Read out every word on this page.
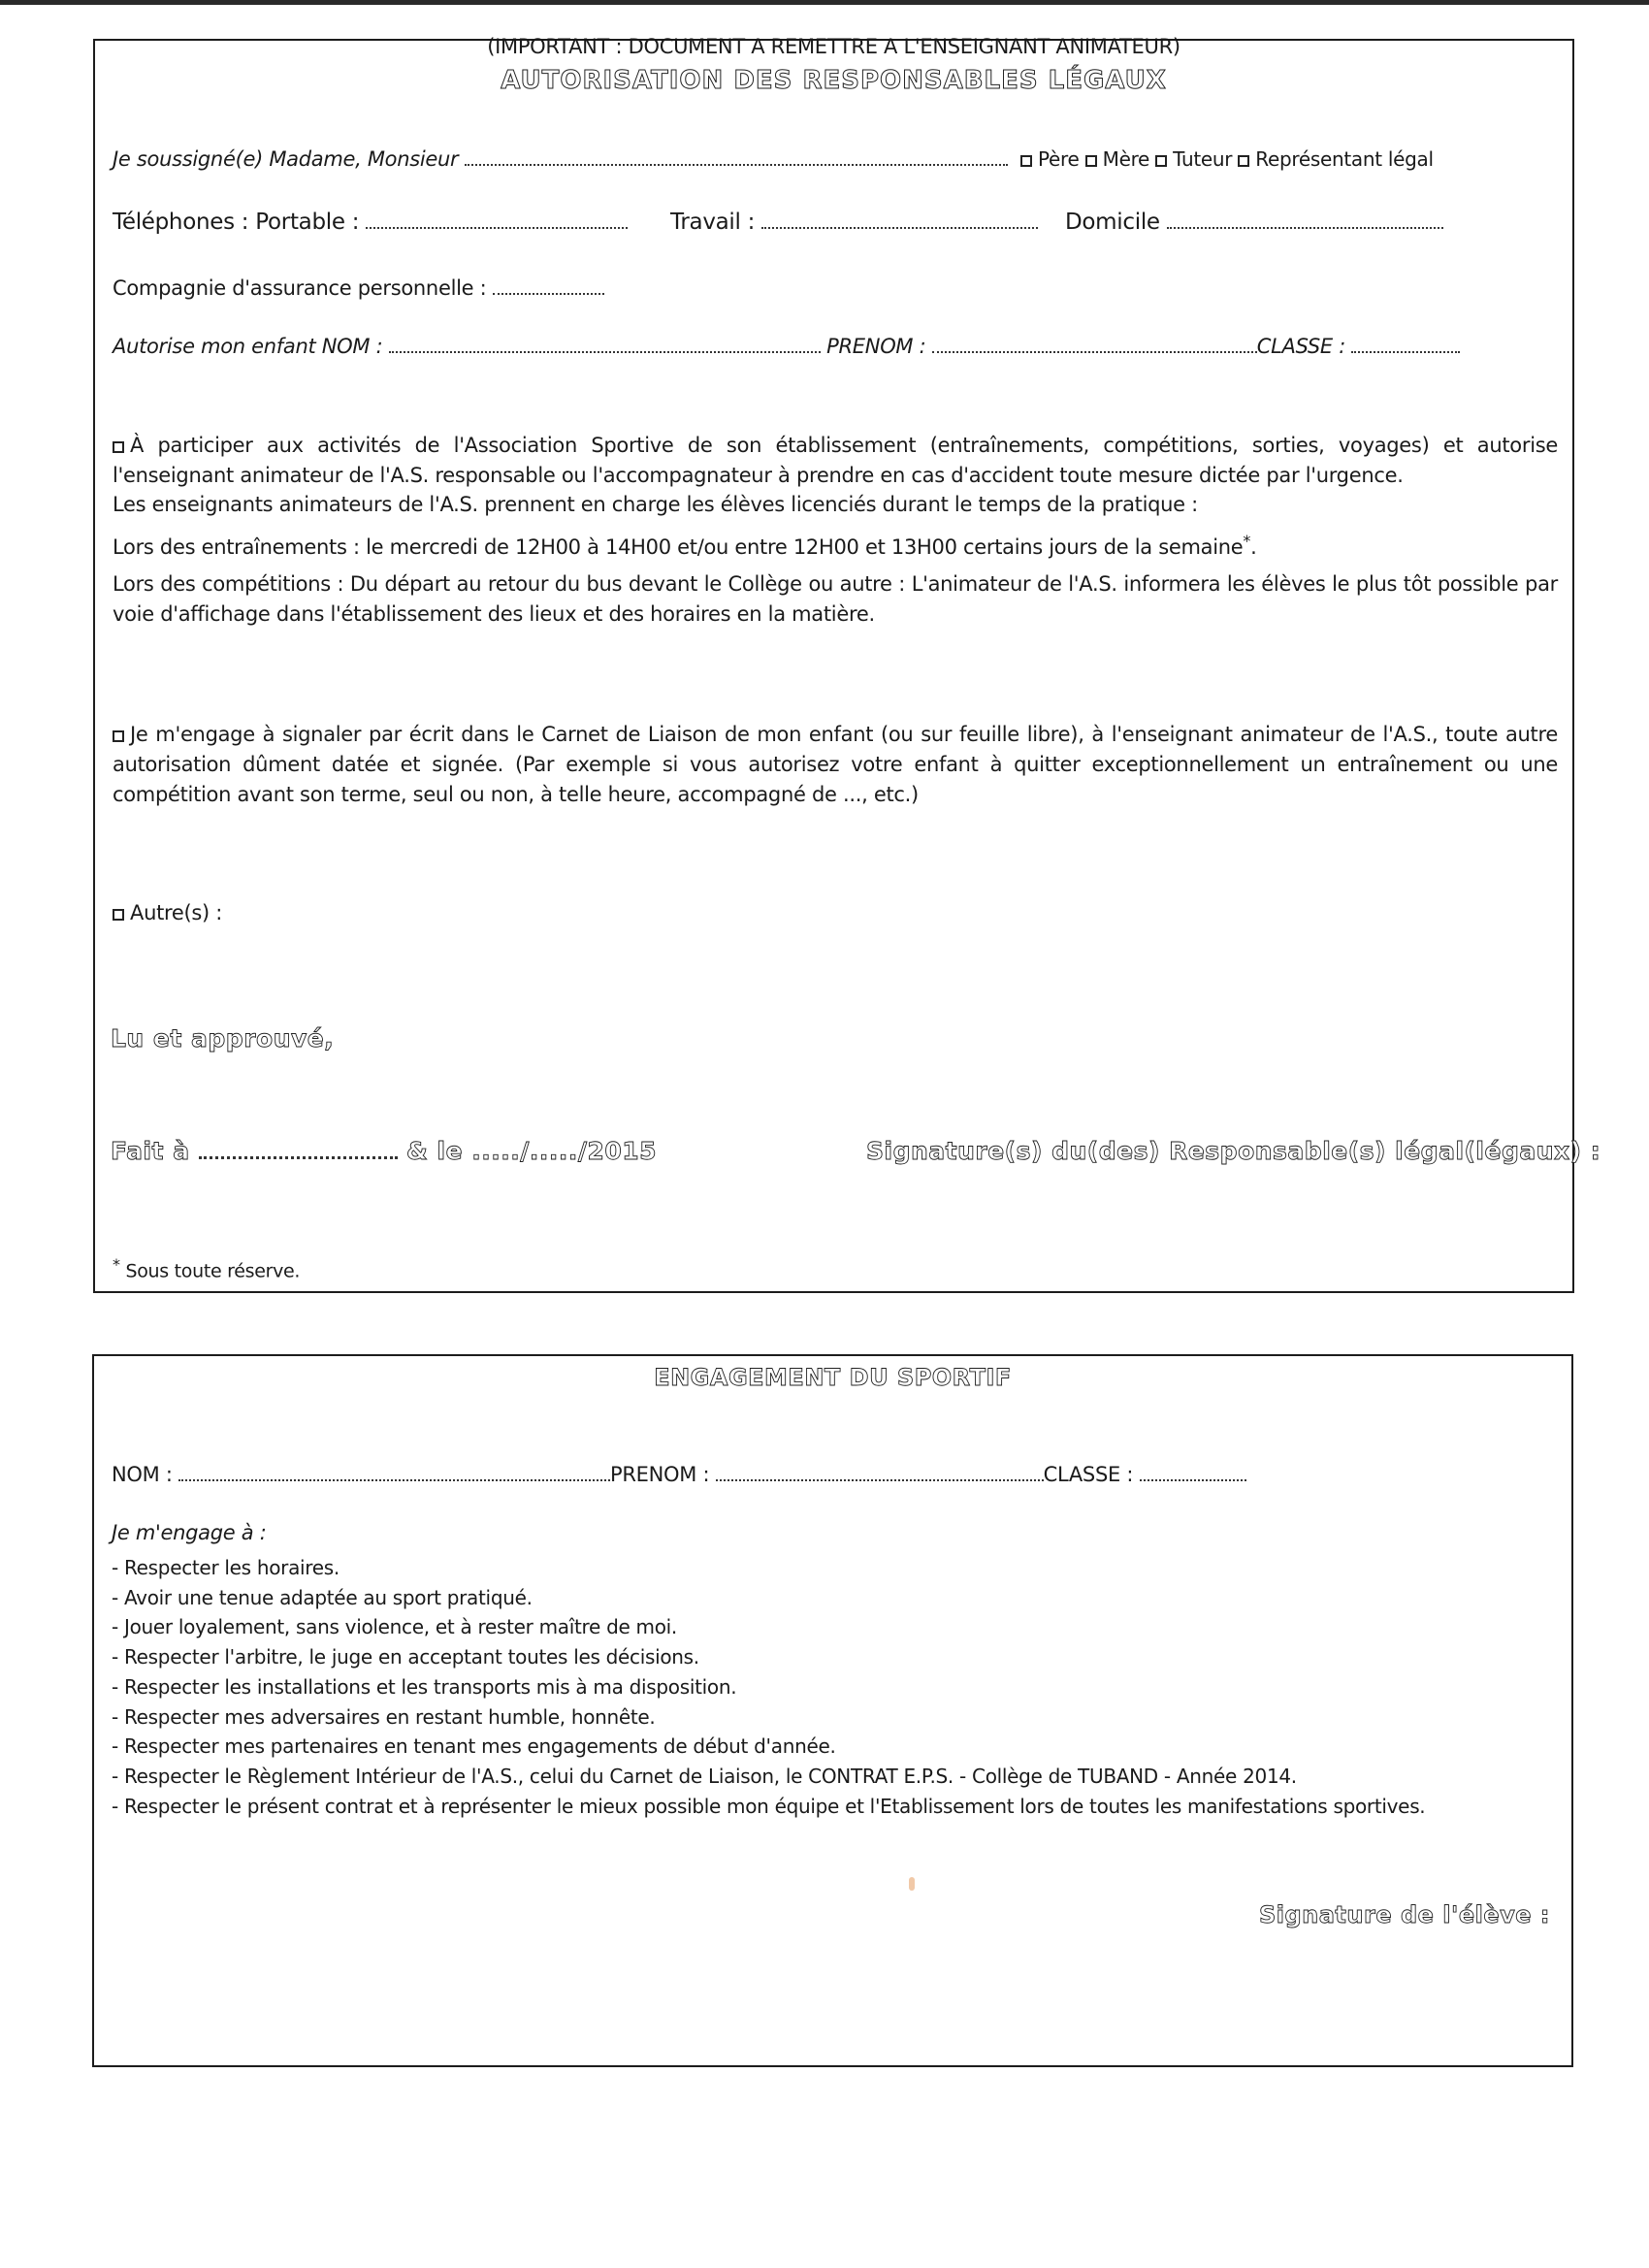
(IMPORTANT : DOCUMENT A REMETTRE A L'ENSEIGNANT ANIMATEUR)
AUTORISATION DES RESPONSABLES LÉGAUX
Je soussigné(e) Madame, Monsieur	Père Mère Tuteur Représentant légal
Téléphones : Portable :	Travail :	Domicile
Compagnie d'assurance personnelle :
Autorise mon enfant NOM :	PRENOM :	CLASSE :
À participer aux activités de l'Association Sportive de son établissement (entraînements, compétitions, sorties, voyages) et autorise l'enseignant animateur de l'A.S. responsable ou l'accompagnateur à prendre en cas d'accident toute mesure dictée par l'urgence.
Les enseignants animateurs de l'A.S. prennent en charge les élèves licenciés durant le temps de la pratique :
Lors des entraînements : le mercredi de 12H00 à 14H00 et/ou entre 12H00 et 13H00 certains jours de la semaine*.
Lors des compétitions : Du départ au retour du bus devant le Collège ou autre : L'animateur de l'A.S. informera les élèves le plus tôt possible par voie d'affichage dans l'établissement des lieux et des horaires en la matière.
Je m'engage à signaler par écrit dans le Carnet de Liaison de mon enfant (ou sur feuille libre), à l'enseignant animateur de l'A.S., toute autre autorisation dûment datée et signée. (Par exemple si vous autorisez votre enfant à quitter exceptionnellement un entraînement ou une compétition avant son terme, seul ou non, à telle heure, accompagné de ..., etc.)
Autre(s) :
Lu et approuvé,
Fait à	& le ...../...../2015	Signature(s) du(des) Responsable(s) légal(légaux) :
* Sous toute réserve.
ENGAGEMENT DU SPORTIF
NOM :	PRENOM :	CLASSE :
Je m'engage à :
- Respecter les horaires.
- Avoir une tenue adaptée au sport pratiqué.
- Jouer loyalement, sans violence, et à rester maître de moi.
- Respecter l'arbitre, le juge en acceptant toutes les décisions.
- Respecter les installations et les transports mis à ma disposition.
- Respecter mes adversaires en restant humble, honnête.
- Respecter mes partenaires en tenant mes engagements de début d'année.
- Respecter le Règlement Intérieur de l'A.S., celui du Carnet de Liaison, le CONTRAT E.P.S. - Collège de TUBAND - Année 2014.
- Respecter le présent contrat et à représenter le mieux possible mon équipe et l'Etablissement lors de toutes les manifestations sportives.
Signature de l'élève :
